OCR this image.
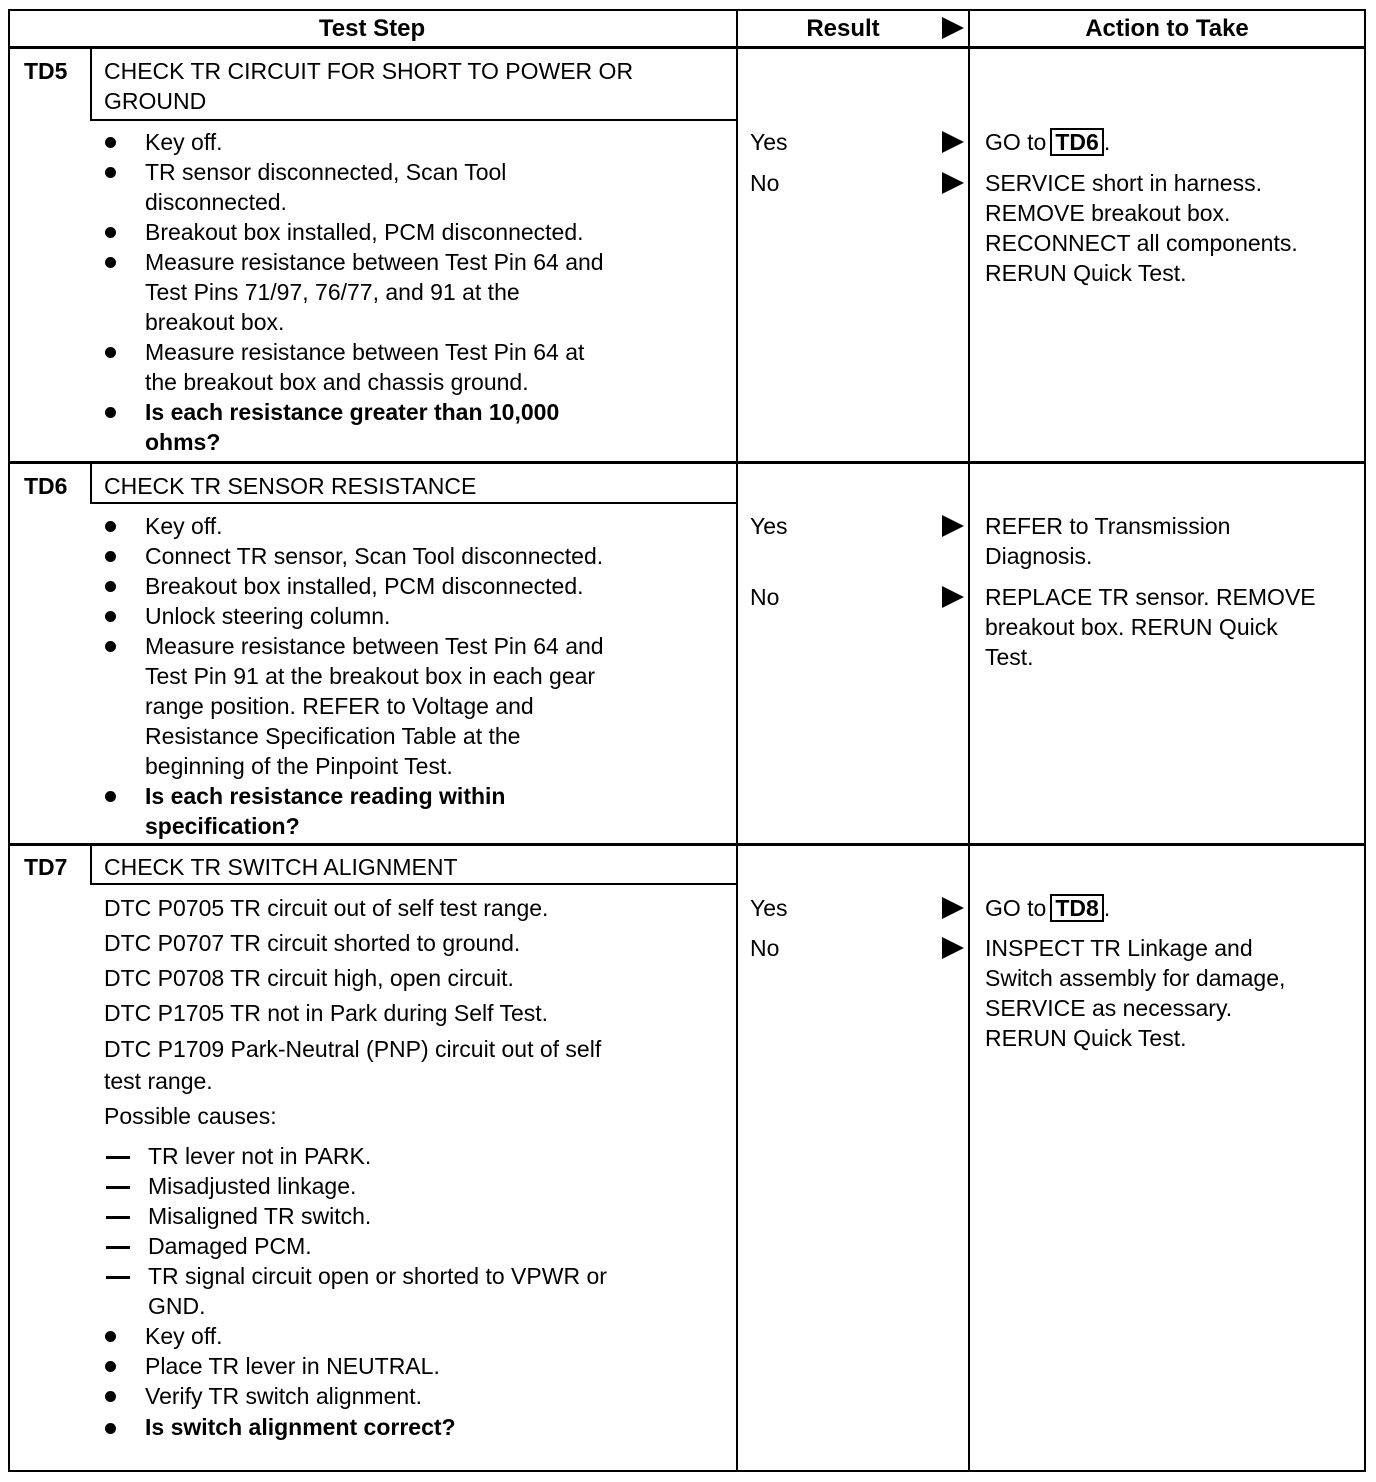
Test Step	Result	Action to Take
TD5 CHECK TR CIRCUIT FOR SHORT TO POWER OR
GROUND
Key off.
TR sensor disconnected, Scan Tool
disconnected.
Breakout box installed, PCM disconnected.
Measure resistance between Test Pin 64 and
Test Pins 71/97, 76/77, and 91 at the
breakout box.
Measure resistance between Test Pin 64 at
the breakout box and chassis ground.
Is each resistance greater than 10,000
ohms?
Yes
No
GO to TD6 .
SERVICE short in harness.
REMOVE breakout box.
RECONNECT all components.
RERUN Quick Test.
TD6 CHECK TR SENSOR RESISTANCE
Key off.
Connect TR sensor, Scan Tool disconnected.
Breakout box installed, PCM disconnected.
Unlock steering column.
Measure resistance between Test Pin 64 and
Test Pin 91 at the breakout box in each gear
range position. REFER to Voltage and
Resistance Specification Table at the
beginning of the Pinpoint Test.
Is each resistance reading within
specification?
Yes
No
REFER to Transmission
Diagnosis.
REPLACE TR sensor. REMOVE
breakout box. RERUN Quick
Test.
TD7 CHECK TR SWITCH ALIGNMENT
DTC P0705 TR circuit out of self test range.
DTC P0707 TR circuit shorted to ground.
DTC P0708 TR circuit high, open circuit.
DTC P1705 TR not in Park during Self Test.
DTC P1709 Park-Neutral (PNP) circuit out of self
test range.
Possible causes:
TR lever not in PARK.
Misadjusted linkage.
Misaligned TR switch.
Damaged PCM.
TR signal circuit open or shorted to VPWR or
GND.
Key off.
Place TR lever in NEUTRAL.
Verify TR switch alignment.
Is switch alignment correct?
Yes
No
GO to TD8 .
INSPECT TR Linkage and
Switch assembly for damage,
SERVICE as necessary.
RERUN Quick Test.
